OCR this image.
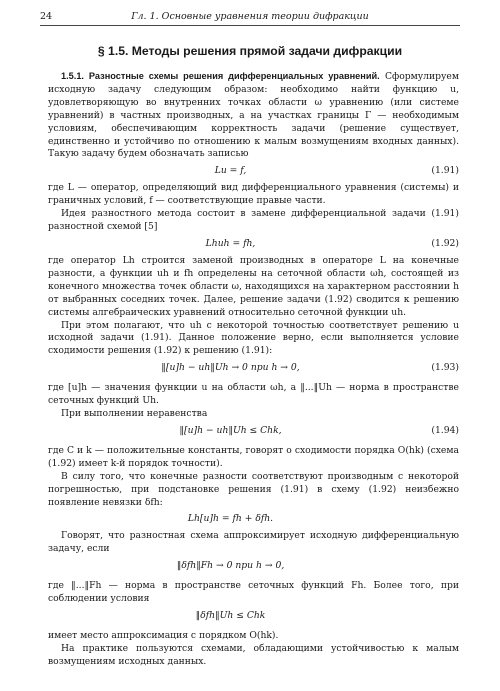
24	Гл. 1. Основные уравнения теории дифракции
§ 1.5. Методы решения прямой задачи дифракции

1.5.1. Разностные схемы решения дифференциальных уравнений. Сформулируем исходную задачу следующим образом: необходимо найти функцию u, удовлетворяющую во внутренних точках области ω уравнению (или системе уравнений) в частных производных, а на участках границы Γ — необходимым условиям, обеспечивающим корректность задачи (решение существует, единственно и устойчиво по отношению к малым возмущениям входных данных). Такую задачу будем обозначать записью

Lu = f,	(1.91)

где L — оператор, определяющий вид дифференциального уравнения (системы) и граничных условий, f — соответствующие правые части.

Идея разностного метода состоит в замене дифференциальной задачи (1.91) разностной схемой [5]

Lhuh = fh,	(1.92)

где оператор Lh строится заменой производных в операторе L на конечные разности, а функции uh и fh определены на сеточной области ωh, состоящей из конечного множества точек области ω, находящихся на характерном расстоянии h от выбранных соседних точек. Далее, решение задачи (1.92) сводится к решению системы алгебраических уравнений относительно сеточной функции uh.

При этом полагают, что uh с некоторой точностью соответствует решению u исходной задачи (1.91). Данное положение верно, если выполняется условие сходимости решения (1.92) к решению (1.91):

‖[u]h − uh‖Uh → 0 при h → 0,	(1.93)

где [u]h — значения функции u на области ωh, а ‖...‖Uh — норма в пространстве сеточных функций Uh.

При выполнении неравенства

‖[u]h − uh‖Uh ≤ Chk,	(1.94)

где C и k — положительные константы, говорят о сходимости порядка O(hk) (схема (1.92) имеет k-й порядок точности).

В силу того, что конечные разности соответствуют производным с некоторой погрешностью, при подстановке решения (1.91) в схему (1.92) неизбежно появление невязки δfh:

Lh[u]h = fh + δfh.

Говорят, что разностная схема аппроксимирует исходную дифференциальную задачу, если

‖δfh‖Fh → 0 при h → 0,

где ‖...‖Fh — норма в пространстве сеточных функций Fh. Более того, при соблюдении условия

‖δfh‖Uh ≤ Chk

имеет место аппроксимация с порядком O(hk).

На практике пользуются схемами, обладающими устойчивостью к малым возмущениям исходных данных.
